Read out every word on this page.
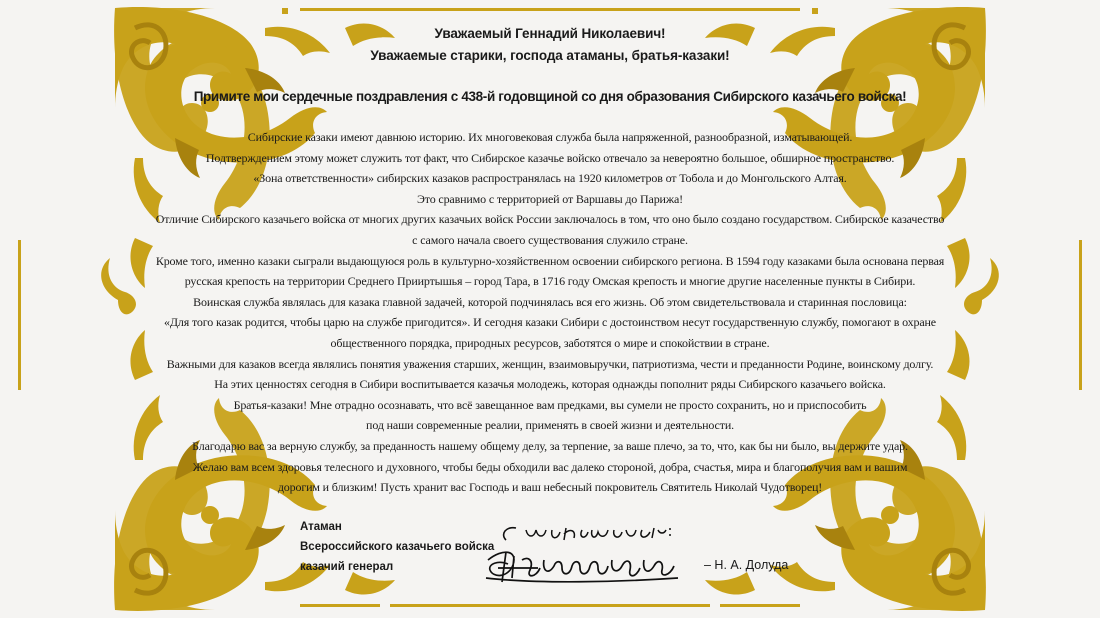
Уважаемый Геннадий Николаевич!
Уважаемые старики, господа атаманы, братья-казаки!
Примите мои сердечные поздравления с 438-й годовщиной со дня образования Сибирского казачьего войска!
Сибирские казаки имеют давнюю историю. Их многовековая служба была напряженной, разнообразной, изматывающей.
Подтверждением этому может служить тот факт, что Сибирское казачье войско отвечало за невероятно большое, обширное пространство.
«Зона ответственности» сибирских казаков распространялась на 1920 километров от Тобола и до Монгольского Алтая.
Это сравнимо с территорией от Варшавы до Парижа!
Отличие Сибирского казачьего войска от многих других казачьих войск России заключалось в том, что оно было создано государством. Сибирское казачество
с самого начала своего существования служило стране.
Кроме того, именно казаки сыграли выдающуюся роль в культурно-хозяйственном освоении сибирского региона. В 1594 году казаками была основана первая
русская крепость на территории Среднего Прииртышья – город Тара, в 1716 году Омская крепость и многие другие населенные пункты в Сибири.
Воинская служба являлась для казака главной задачей, которой подчинялась вся его жизнь. Об этом свидетельствовала и старинная пословица:
«Для того казак родится, чтобы царю на службе пригодится». И сегодня казаки Сибири с достоинством несут государственную службу, помогают в охране
общественного порядка, природных ресурсов, заботятся о мире и спокойствии в стране.
Важными для казаков всегда являлись понятия уважения старших, женщин, взаимовыручки, патриотизма, чести и преданности Родине, воинскому долгу.
На этих ценностях сегодня в Сибири воспитывается казачья молодежь, которая однажды пополнит ряды Сибирского казачьего войска.
Братья-казаки! Мне отрадно осознавать, что всё завещанное вам предками, вы сумели не просто сохранить, но и приспособить
под наши современные реалии, применять в своей жизни и деятельности.
Благодарю вас за верную службу, за преданность нашему общему делу, за терпение, за ваше плечо, за то, что, как бы ни было, вы держите удар.
Желаю вам всем здоровья телесного и духовного, чтобы беды обходили вас далеко стороной, добра, счастья, мира и благополучия вам и вашим
дорогим и близким! Пусть хранит вас Господь и ваш небесный покровитель Святитель Николай Чудотворец!
Атаман
Всероссийского казачьего войска
казачий генерал	– Н. А. Долуда
